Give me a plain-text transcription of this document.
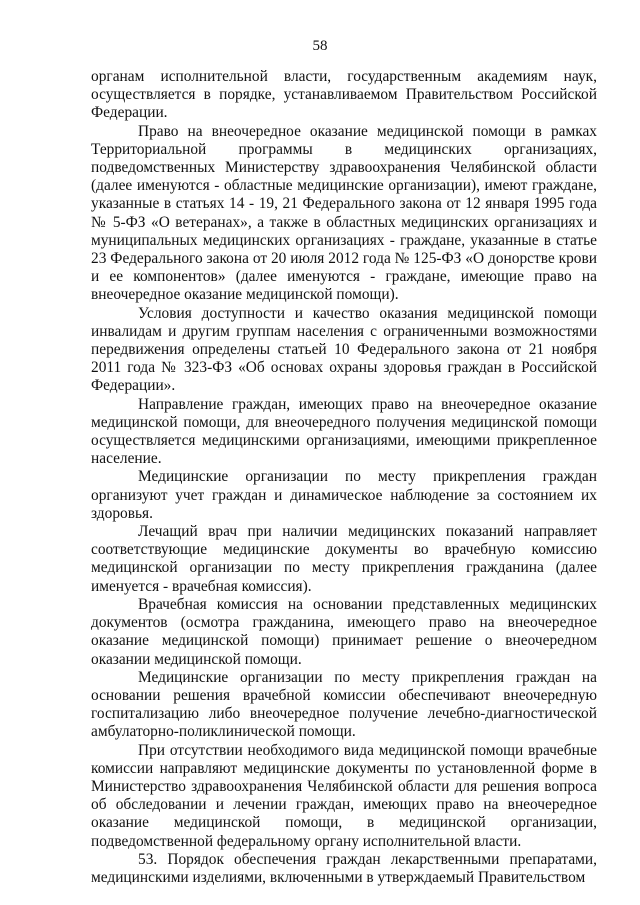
58

органам исполнительной власти, государственным академиям наук, осуществляется в порядке, устанавливаемом Правительством Российской Федерации.

Право на внеочередное оказание медицинской помощи в рамках Территориальной программы в медицинских организациях, подведомственных Министерству здравоохранения Челябинской области (далее именуются - областные медицинские организации), имеют граждане, указанные в статьях 14 - 19, 21 Федерального закона от 12 января 1995 года № 5-ФЗ «О ветеранах», а также в областных медицинских организациях и муниципальных медицинских организациях - граждане, указанные в статье 23 Федерального закона от 20 июля 2012 года № 125-ФЗ «О донорстве крови и ее компонентов» (далее именуются - граждане, имеющие право на внеочередное оказание медицинской помощи).

Условия доступности и качество оказания медицинской помощи инвалидам и другим группам населения с ограниченными возможностями передвижения определены статьей 10 Федерального закона от 21 ноября 2011 года № 323-ФЗ «Об основах охраны здоровья граждан в Российской Федерации».

Направление граждан, имеющих право на внеочередное оказание медицинской помощи, для внеочередного получения медицинской помощи осуществляется медицинскими организациями, имеющими прикрепленное население.

Медицинские организации по месту прикрепления граждан организуют учет граждан и динамическое наблюдение за состоянием их здоровья.

Лечащий врач при наличии медицинских показаний направляет соответствующие медицинские документы во врачебную комиссию медицинской организации по месту прикрепления гражданина (далее именуется - врачебная комиссия).

Врачебная комиссия на основании представленных медицинских документов (осмотра гражданина, имеющего право на внеочередное оказание медицинской помощи) принимает решение о внеочередном оказании медицинской помощи.

Медицинские организации по месту прикрепления граждан на основании решения врачебной комиссии обеспечивают внеочередную госпитализацию либо внеочередное получение лечебно-диагностической амбулаторно-поликлинической помощи.

При отсутствии необходимого вида медицинской помощи врачебные комиссии направляют медицинские документы по установленной форме в Министерство здравоохранения Челябинской области для решения вопроса об обследовании и лечении граждан, имеющих право на внеочередное оказание медицинской помощи, в медицинской организации, подведомственной федеральному органу исполнительной власти.

53. Порядок обеспечения граждан лекарственными препаратами, медицинскими изделиями, включенными в утверждаемый Правительством
